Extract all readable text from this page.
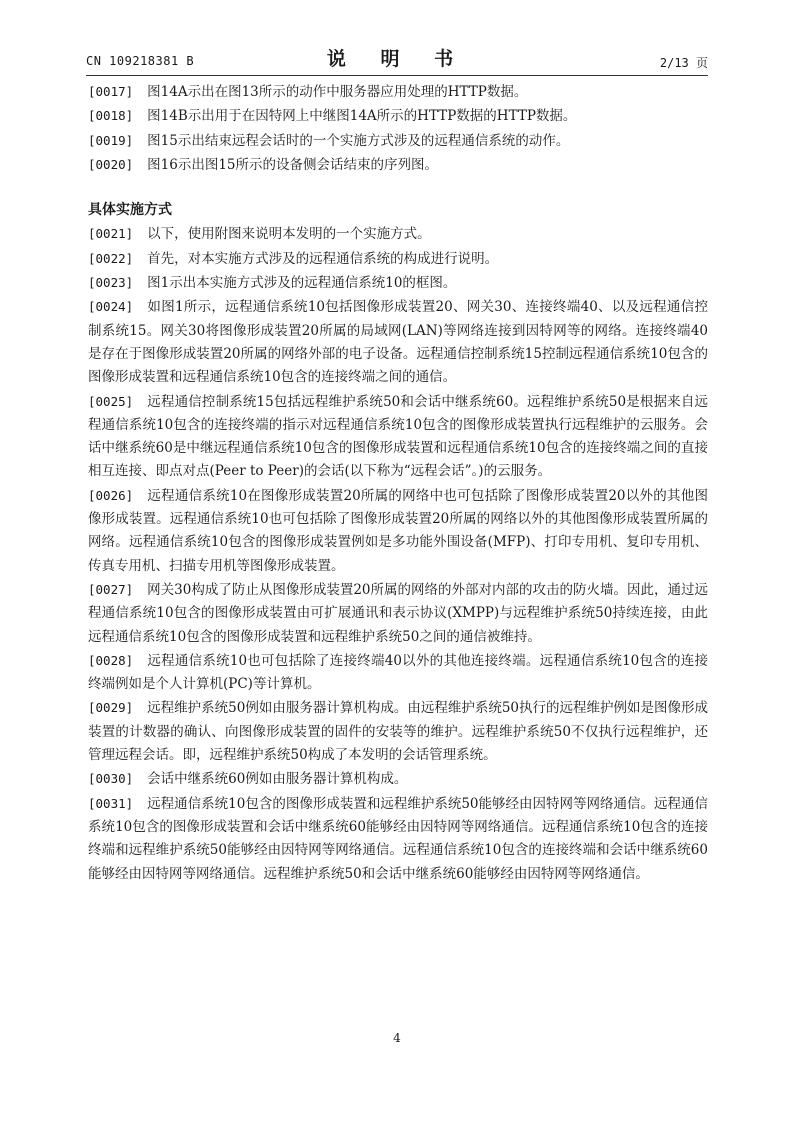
CN 109218381 B	说 明 书	2/13 页

[0017] 图14A示出在图13所示的动作中服务器应用处理的HTTP数据。

[0018] 图14B示出用于在因特网上中继图14A所示的HTTP数据的HTTP数据。

[0019] 图15示出结束远程会话时的一个实施方式涉及的远程通信系统的动作。

[0020] 图16示出图15所示的设备侧会话结束的序列图。

具体实施方式

[0021] 以下，使用附图来说明本发明的一个实施方式。

[0022] 首先，对本实施方式涉及的远程通信系统的构成进行说明。

[0023] 图1示出本实施方式涉及的远程通信系统10的框图。

[0024] 如图1所示，远程通信系统10包括图像形成装置20、网关30、连接终端40、以及远程通信控制系统15。网关30将图像形成装置20所属的局域网(LAN)等网络连接到因特网等的网络。连接终端40是存在于图像形成装置20所属的网络外部的电子设备。远程通信控制系统15控制远程通信系统10包含的图像形成装置和远程通信系统10包含的连接终端之间的通信。

[0025] 远程通信控制系统15包括远程维护系统50和会话中继系统60。远程维护系统50是根据来自远程通信系统10包含的连接终端的指示对远程通信系统10包含的图像形成装置执行远程维护的云服务。会话中继系统60是中继远程通信系统10包含的图像形成装置和远程通信系统10包含的连接终端之间的直接相互连接、即点对点(Peer to Peer)的会话(以下称为“远程会话”。)的云服务。

[0026] 远程通信系统10在图像形成装置20所属的网络中也可包括除了图像形成装置20以外的其他图像形成装置。远程通信系统10也可包括除了图像形成装置20所属的网络以外的其他图像形成装置所属的网络。远程通信系统10包含的图像形成装置例如是多功能外围设备(MFP)、打印专用机、复印专用机、传真专用机、扫描专用机等图像形成装置。

[0027] 网关30构成了防止从图像形成装置20所属的网络的外部对内部的攻击的防火墙。因此，通过远程通信系统10包含的图像形成装置由可扩展通讯和表示协议(XMPP)与远程维护系统50持续连接，由此远程通信系统10包含的图像形成装置和远程维护系统50之间的通信被维持。

[0028] 远程通信系统10也可包括除了连接终端40以外的其他连接终端。远程通信系统10包含的连接终端例如是个人计算机(PC)等计算机。

[0029] 远程维护系统50例如由服务器计算机构成。由远程维护系统50执行的远程维护例如是图像形成装置的计数器的确认、向图像形成装置的固件的安装等的维护。远程维护系统50不仅执行远程维护，还管理远程会话。即，远程维护系统50构成了本发明的会话管理系统。

[0030] 会话中继系统60例如由服务器计算机构成。

[0031] 远程通信系统10包含的图像形成装置和远程维护系统50能够经由因特网等网络通信。远程通信系统10包含的图像形成装置和会话中继系统60能够经由因特网等网络通信。远程通信系统10包含的连接终端和远程维护系统50能够经由因特网等网络通信。远程通信系统10包含的连接终端和会话中继系统60能够经由因特网等网络通信。远程维护系统50和会话中继系统60能够经由因特网等网络通信。

4
